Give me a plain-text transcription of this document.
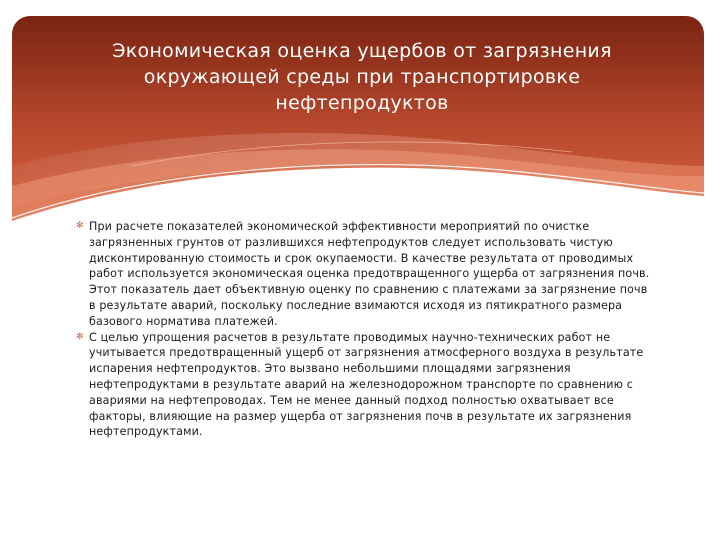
Экономическая оценка ущербов от загрязнения
окружающей среды при транспортировке
нефтепродуктов
✻ При расчете показателей экономической эффективности мероприятий по очистке загрязненных грунтов от разлившихся нефтепродуктов следует использовать чистую дисконтированную стоимость и срок окупаемости. В качестве результата от проводимых работ используется экономическая оценка предотвращенного ущерба от загрязнения почв. Этот показатель дает объективную оценку по сравнению с платежами за загрязнение почв в результате аварий, поскольку последние взимаются исходя из пятикратного размера базового норматива платежей.
✻ С целью упрощения расчетов в результате проводимых научно-технических работ не учитывается предотвращенный ущерб от загрязнения атмосферного воздуха в результате испарения нефтепродуктов. Это вызвано небольшими площадями загрязнения нефтепродуктами в результате аварий на железнодорожном транспорте по сравнению с авариями на нефтепроводах. Тем не менее данный подход полностью охватывает все факторы, влияющие на размер ущерба от загрязнения почв в результате их загрязнения нефтепродуктами.
